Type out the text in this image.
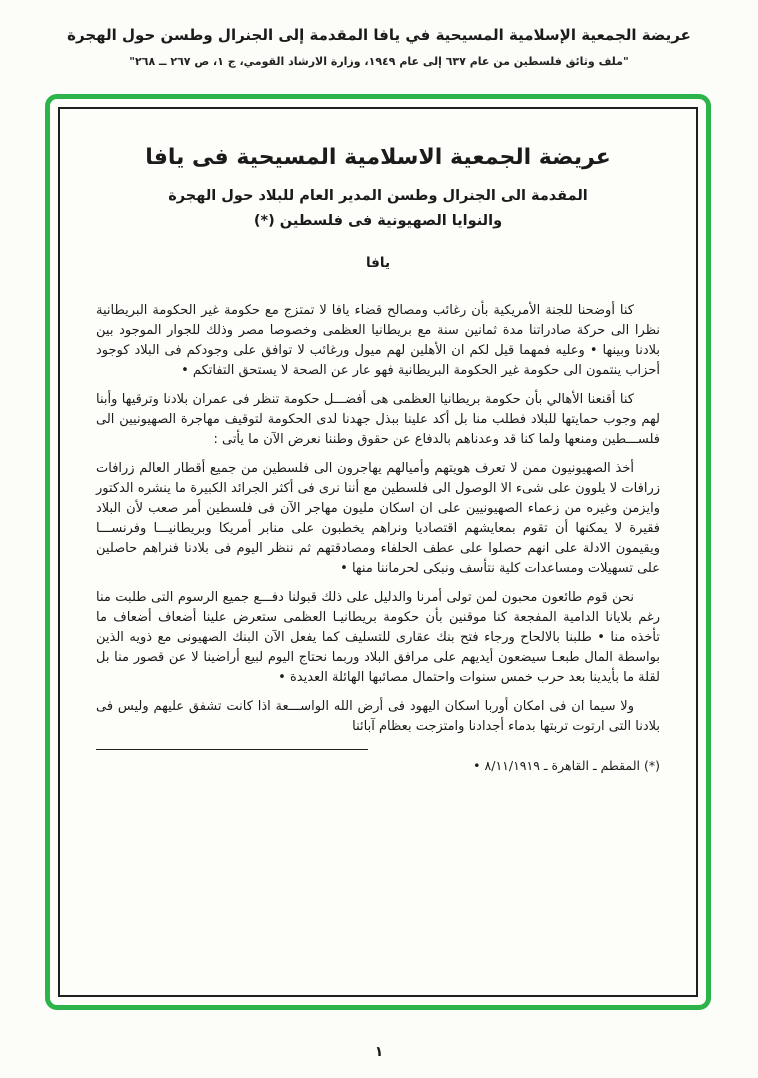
عريضة الجمعية الإسلامية المسيحية في يافا المقدمة إلى الجنرال وطسن حول الهجرة
"ملف وثائق فلسطين من عام ٦٣٧ إلى عام ١٩٤٩، وزارة الارشاد القومي، ج ١، ص ٢٦٧ ــ ٢٦٨"
عريضة الجمعية الاسلامية المسيحية فى يافا
المقدمة الى الجنرال وطسن المدير العام للبلاد حول الهجرة
والنوايا الصهيونية فى فلسطين (*)
يافا

كنا أوضحنا للجنة الأمريكية بأن رغائب ومصالح قضاء يافا لا تمتزج مع حكومة غير الحكومة البريطانية نظرا الى حركة صادراتنا مدة ثمانين سنة مع بريطانيا العظمى وخصوصا مصر وذلك للجوار الموجود بين بلادنا وبينها • وعليه فمهما قيل لكم ان الأهلين لهم ميول ورغائب لا توافق على وجودكم فى البلاد كوجود أحزاب ينتمون الى حكومة غير الحكومة البريطانية فهو عار عن الصحة لا يستحق التفاتكم •

كنا أقنعنا الأهالي بأن حكومة بريطانيا العظمى هى أفضـــل حكومة تنظر فى عمران بلادنا وترقيها وأبنا لهم وجوب حمايتها للبلاد فطلب منا بل أكد علينا ببذل جهدنا لدى الحكومة لتوقيف مهاجرة الصهيونيين الى فلســـطين ومنعها ولما كنا قد وعدناهم بالدفاع عن حقوق وطننا نعرض الآن ما يأتى :

أخذ الصهيونيون ممن لا تعرف هويتهم وأميالهم يهاجرون الى فلسطين من جميع أقطار العالم زرافات زرافات لا يلوون على شىء الا الوصول الى فلسطين مع أننا نرى فى أكثر الجرائد الكبيرة ما ينشره الدكتور وايزمن وغيره من زعماء الصهيونيين على ان اسكان مليون مهاجر الآن فى فلسطين أمر صعب لأن البلاد فقيرة لا يمكنها أن تقوم بمعايشهم اقتصاديا ونراهم يخطبون على منابر أمريكا وبريطانيـــا وفرنســـا ويقيمون الادلة على انهم حصلوا على عطف الحلفاء ومصادقتهم ثم ننظر اليوم فى بلادنا فنراهم حاصلين على تسهيلات ومساعدات كلية نتأسف ونبكى لحرماننا منها •

نحن قوم طائعون محبون لمن تولى أمرنا والدليل على ذلك قبولنا دفـــع جميع الرسوم التى طلبت منا رغم بلايانا الدامية المفجعة كنا موقنين بأن حكومة بريطانيـا العظمى ستعرض علينا أضعاف أضعاف ما تأخذه منا • طلبنا بالالحاح ورجاء فتح بنك عقارى للتسليف كما يفعل الآن البنك الصهيونى مع ذويه الذين بواسطة المال طبعـا سيضعون أيديهم على مرافق البلاد وربما نحتاج اليوم لبيع أراضينا لا عن قصور منا بل لقلة ما بأيدينا بعد حرب خمس سنوات واحتمال مصائبها الهائلة العديدة •

ولا سيما ان فى امكان أوربا اسكان اليهود فى أرض الله الواســـعة اذا كانت تشفق عليهم وليس فى بلادنا التى ارتوت تربتها بدماء أجدادنا وامتزجت بعظام آبائنا

(*) المقطم ـ القاهرة ـ ٨/١١/١٩١٩ •
١
